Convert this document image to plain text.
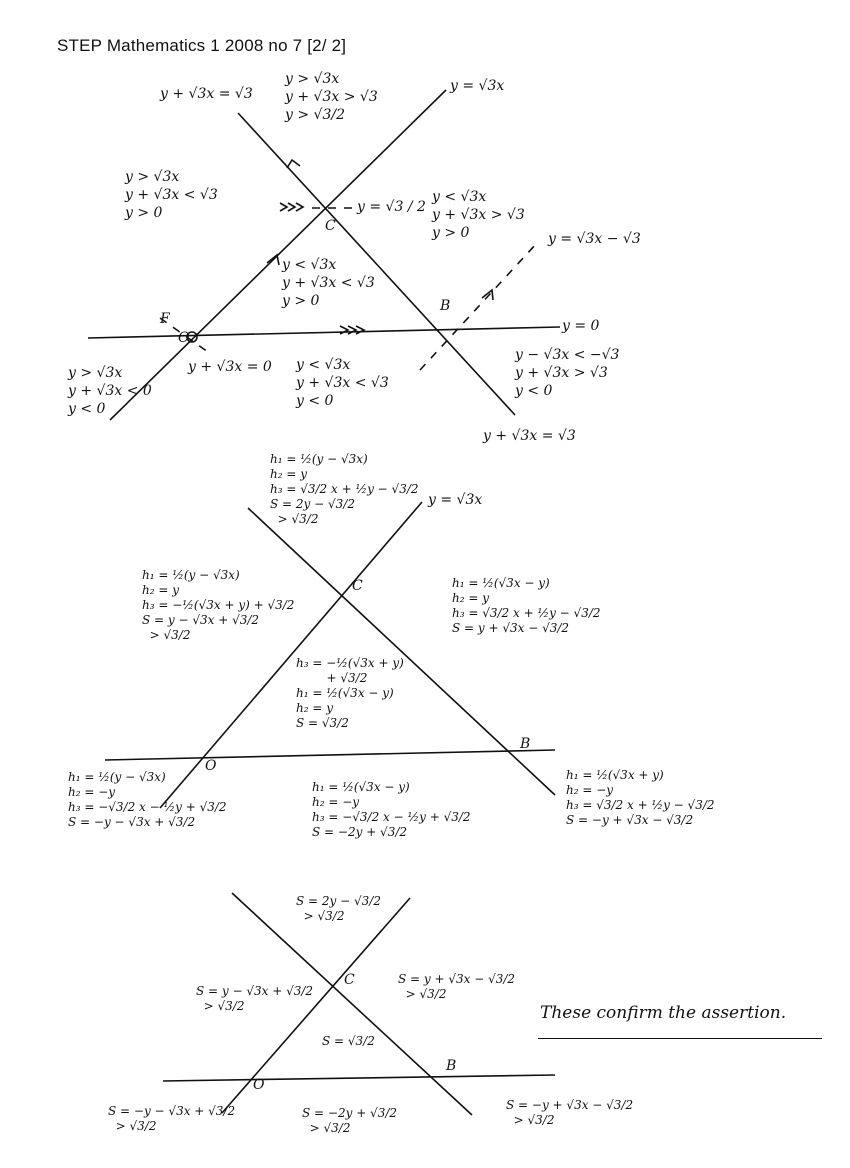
STEP Mathematics 1 2008 no 7 [2/ 2]
y + √3x = √3	y = √3x
y = √3x − √3
y = 0
y + √3x = √3
y + √3x = 0
y = √3 / 2
C
B
F
O
y > √3x
y + √3x > √3
y > √3/2
y > √3x
y + √3x < √3
y > 0
y < √3x
y + √3x > √3
y > 0
y < √3x
y + √3x < √3
y > 0
y > √3x
y + √3x < 0
y < 0
y < √3x
y + √3x < √3
y < 0
y − √3x < −√3
y + √3x > √3
y < 0
y = √3x
C
B
O
h₁ = ½(y − √3x)
h₂ = y
h₃ = √3/2 x + ½y − √3/2
S = 2y − √3/2
> √3/2
h₁ = ½(y − √3x)
h₂ = y
h₃ = −½(√3x + y) + √3/2
S = y − √3x + √3/2
> √3/2
h₁ = ½(√3x − y)
h₂ = y
h₃ = √3/2 x + ½y − √3/2
S = y + √3x − √3/2
h₃ = −½(√3x + y)
+ √3/2
h₁ = ½(√3x − y)
h₂ = y
S = √3/2
h₁ = ½(y − √3x)
h₂ = −y
h₃ = −√3/2 x − ½y + √3/2
S = −y − √3x + √3/2
h₁ = ½(√3x − y)
h₂ = −y
h₃ = −√3/2 x − ½y + √3/2
S = −2y + √3/2
h₁ = ½(√3x + y)
h₂ = −y
h₃ = √3/2 x + ½y − √3/2
S = −y + √3x − √3/2
C
B
O
S = 2y − √3/2
> √3/2
S = y − √3x + √3/2
> √3/2
S = y + √3x − √3/2
> √3/2
S = √3/2
S = −y − √3x + √3/2
> √3/2
S = −2y + √3/2
> √3/2
S = −y + √3x − √3/2
> √3/2
These confirm the assertion.
